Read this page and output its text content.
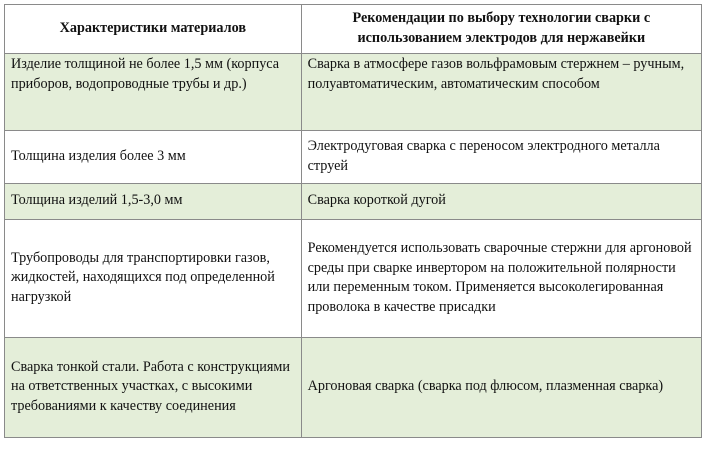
Характеристики материалов	Рекомендации по выбору технологии сварки с использованием электродов для нержавейки
Изделие толщиной не более 1,5 мм (корпуса приборов, водопроводные трубы и др.)	Сварка в атмосфере газов вольфрамовым стержнем – ручным, полуавтоматическим, автоматическим способом
Толщина изделия более 3 мм	Электродуговая сварка с переносом электродного металла струей
Толщина изделий 1,5-3,0 мм	Сварка короткой дугой
Трубопроводы для транспортировки газов, жидкостей, находящихся под определенной нагрузкой	Рекомендуется использовать сварочные стержни для аргоновой среды при сварке инвертором на положительной полярности или переменным током. Применяется высоколегированная проволока в качестве присадки
Сварка тонкой стали. Работа с конструкциями на ответственных участках, с высокими требованиями к качеству соединения	Аргоновая сварка (сварка под флюсом, плазменная сварка)
